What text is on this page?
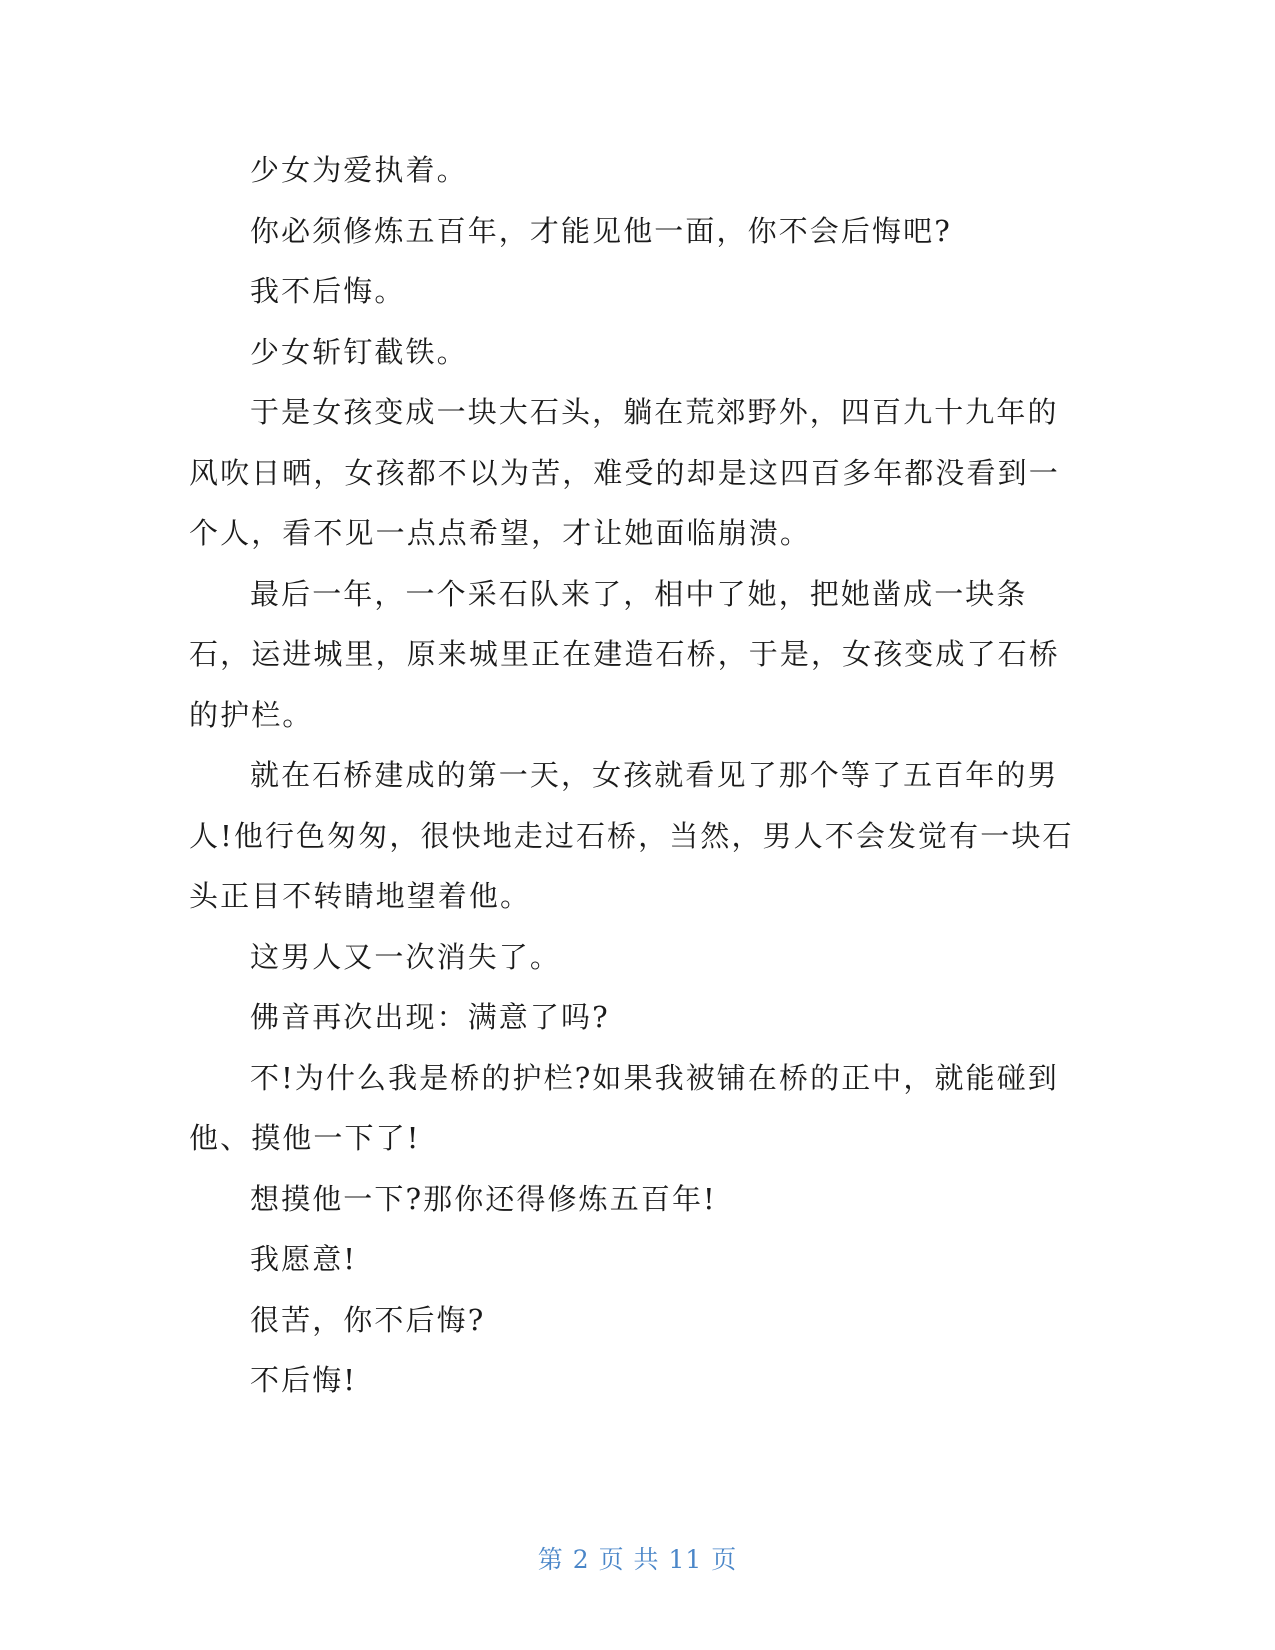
少女为爱执着。

你必须修炼五百年，才能见他一面，你不会后悔吧?

我不后悔。

少女斩钉截铁。

于是女孩变成一块大石头，躺在荒郊野外，四百九十九年的风吹日晒，女孩都不以为苦，难受的却是这四百多年都没看到一个人，看不见一点点希望，才让她面临崩溃。

最后一年，一个采石队来了，相中了她，把她凿成一块条石，运进城里，原来城里正在建造石桥，于是，女孩变成了石桥的护栏。

就在石桥建成的第一天，女孩就看见了那个等了五百年的男人!他行色匆匆，很快地走过石桥，当然，男人不会发觉有一块石头正目不转睛地望着他。

这男人又一次消失了。

佛音再次出现：满意了吗?

不!为什么我是桥的护栏?如果我被铺在桥的正中，就能碰到他、摸他一下了!

想摸他一下?那你还得修炼五百年!

我愿意!

很苦，你不后悔?

不后悔!

第 2 页 共 11 页
